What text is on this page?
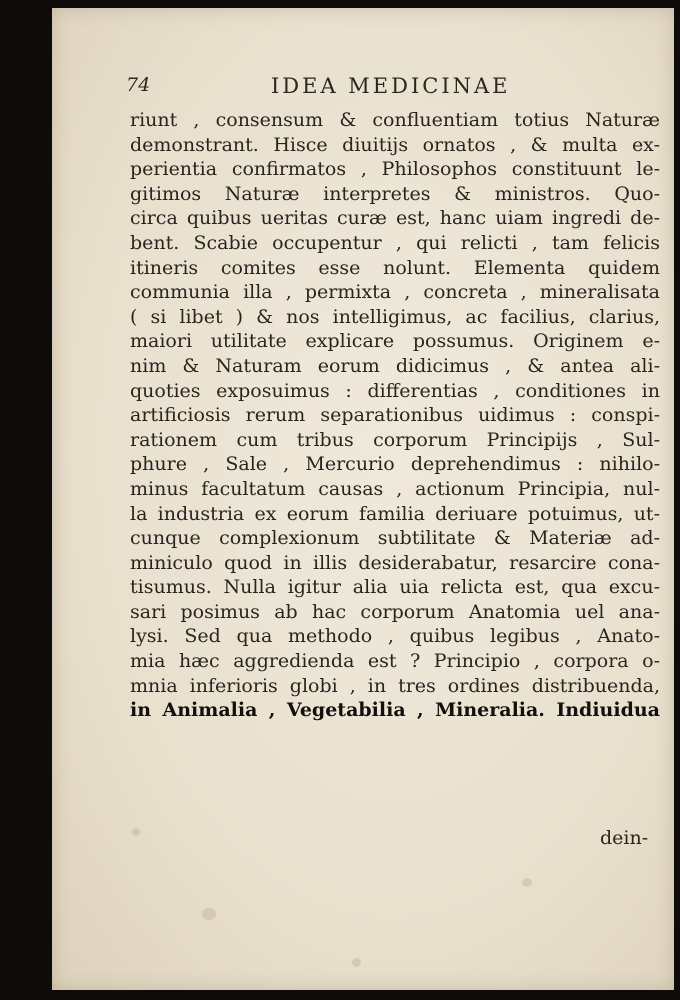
74	IDEA MEDICINAE
riunt , consensum & confluentiam totius Naturæ
demonstrant. Hisce diuitijs ornatos , & multa ex-
perientia confirmatos , Philosophos constituunt le-
gitimos Naturæ interpretes & ministros. Quo-
circa quibus ueritas curæ est, hanc uiam ingredi de-
bent. Scabie occupentur , qui relicti , tam felicis
itineris comites esse nolunt. Elementa quidem
communia illa , permixta , concreta , mineralisata
( si libet ) & nos intelligimus, ac facilius, clarius,
maiori utilitate explicare possumus. Originem e-
nim & Naturam eorum didicimus , & antea ali-
quoties exposuimus : differentias , conditiones in
artificiosis rerum separationibus uidimus : conspi-
rationem cum tribus corporum Principijs , Sul-
phure , Sale , Mercurio deprehendimus : nihilo-
minus facultatum causas , actionum Principia, nul-
la industria ex eorum familia deriuare potuimus, ut-
cunque complexionum subtilitate & Materiæ ad-
miniculo quod in illis desiderabatur, resarcire cona-
tisumus. Nulla igitur alia uia relicta est, qua excu-
sari posimus ab hac corporum Anatomia uel ana-
lysi. Sed qua methodo , quibus legibus , Anato-
mia hæc aggredienda est ? Principio , corpora o-
mnia inferioris globi , in tres ordines distribuenda,
in Animalia , Vegetabilia , Mineralia. Indiuidua
dein-
